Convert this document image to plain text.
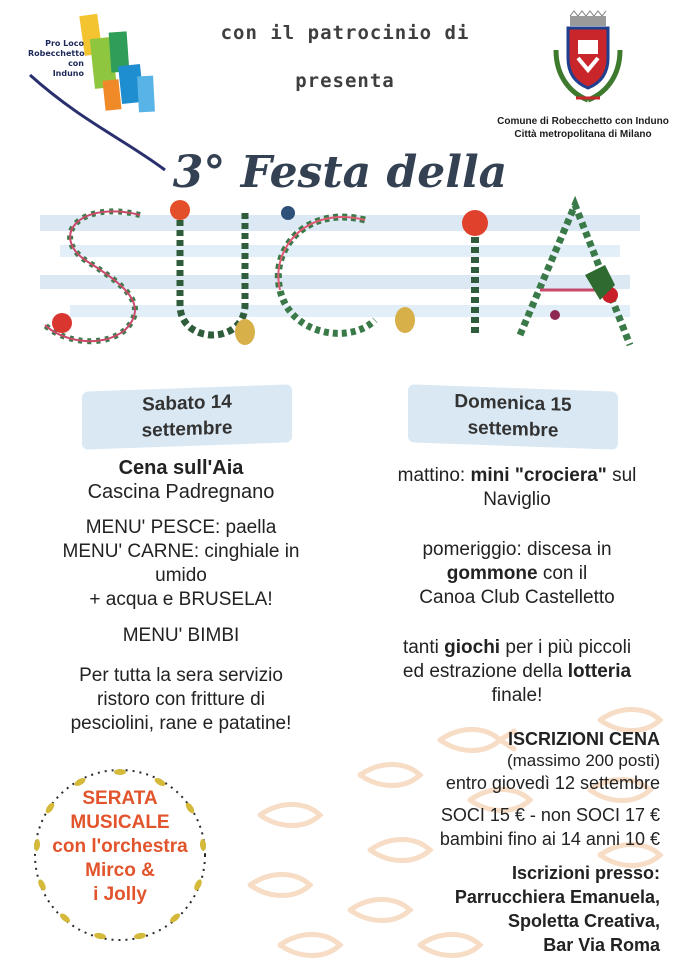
Pro Loco
Robecchetto
con
Induno
con il patrocinio di
presenta
Comune di Robecchetto con Induno
Città metropolitana di Milano
3° Festa della
Sabato 14
settembre
Domenica 15
settembre
Cena sull'Aia
Cascina Padregnano
MENU' PESCE: paella
MENU' CARNE: cinghiale in
umido
+ acqua e BRUSELA!
MENU' BIMBI
Per tutta la sera servizio
ristoro con fritture di
pesciolini, rane e patatine!
mattino: mini "crociera" sul
Naviglio
pomeriggio: discesa in
gommone con il
Canoa Club Castelletto
tanti giochi per i più piccoli
ed estrazione della lotteria
finale!
ISCRIZIONI CENA
(massimo 200 posti)
entro giovedì 12 settembre
SOCI 15 € - non SOCI 17 €
bambini fino ai 14 anni 10 €
Iscrizioni presso:
Parrucchiera Emanuela,
Spoletta Creativa,
Bar Via Roma
SERATA
MUSICALE
con l'orchestra
Mirco &
i Jolly
